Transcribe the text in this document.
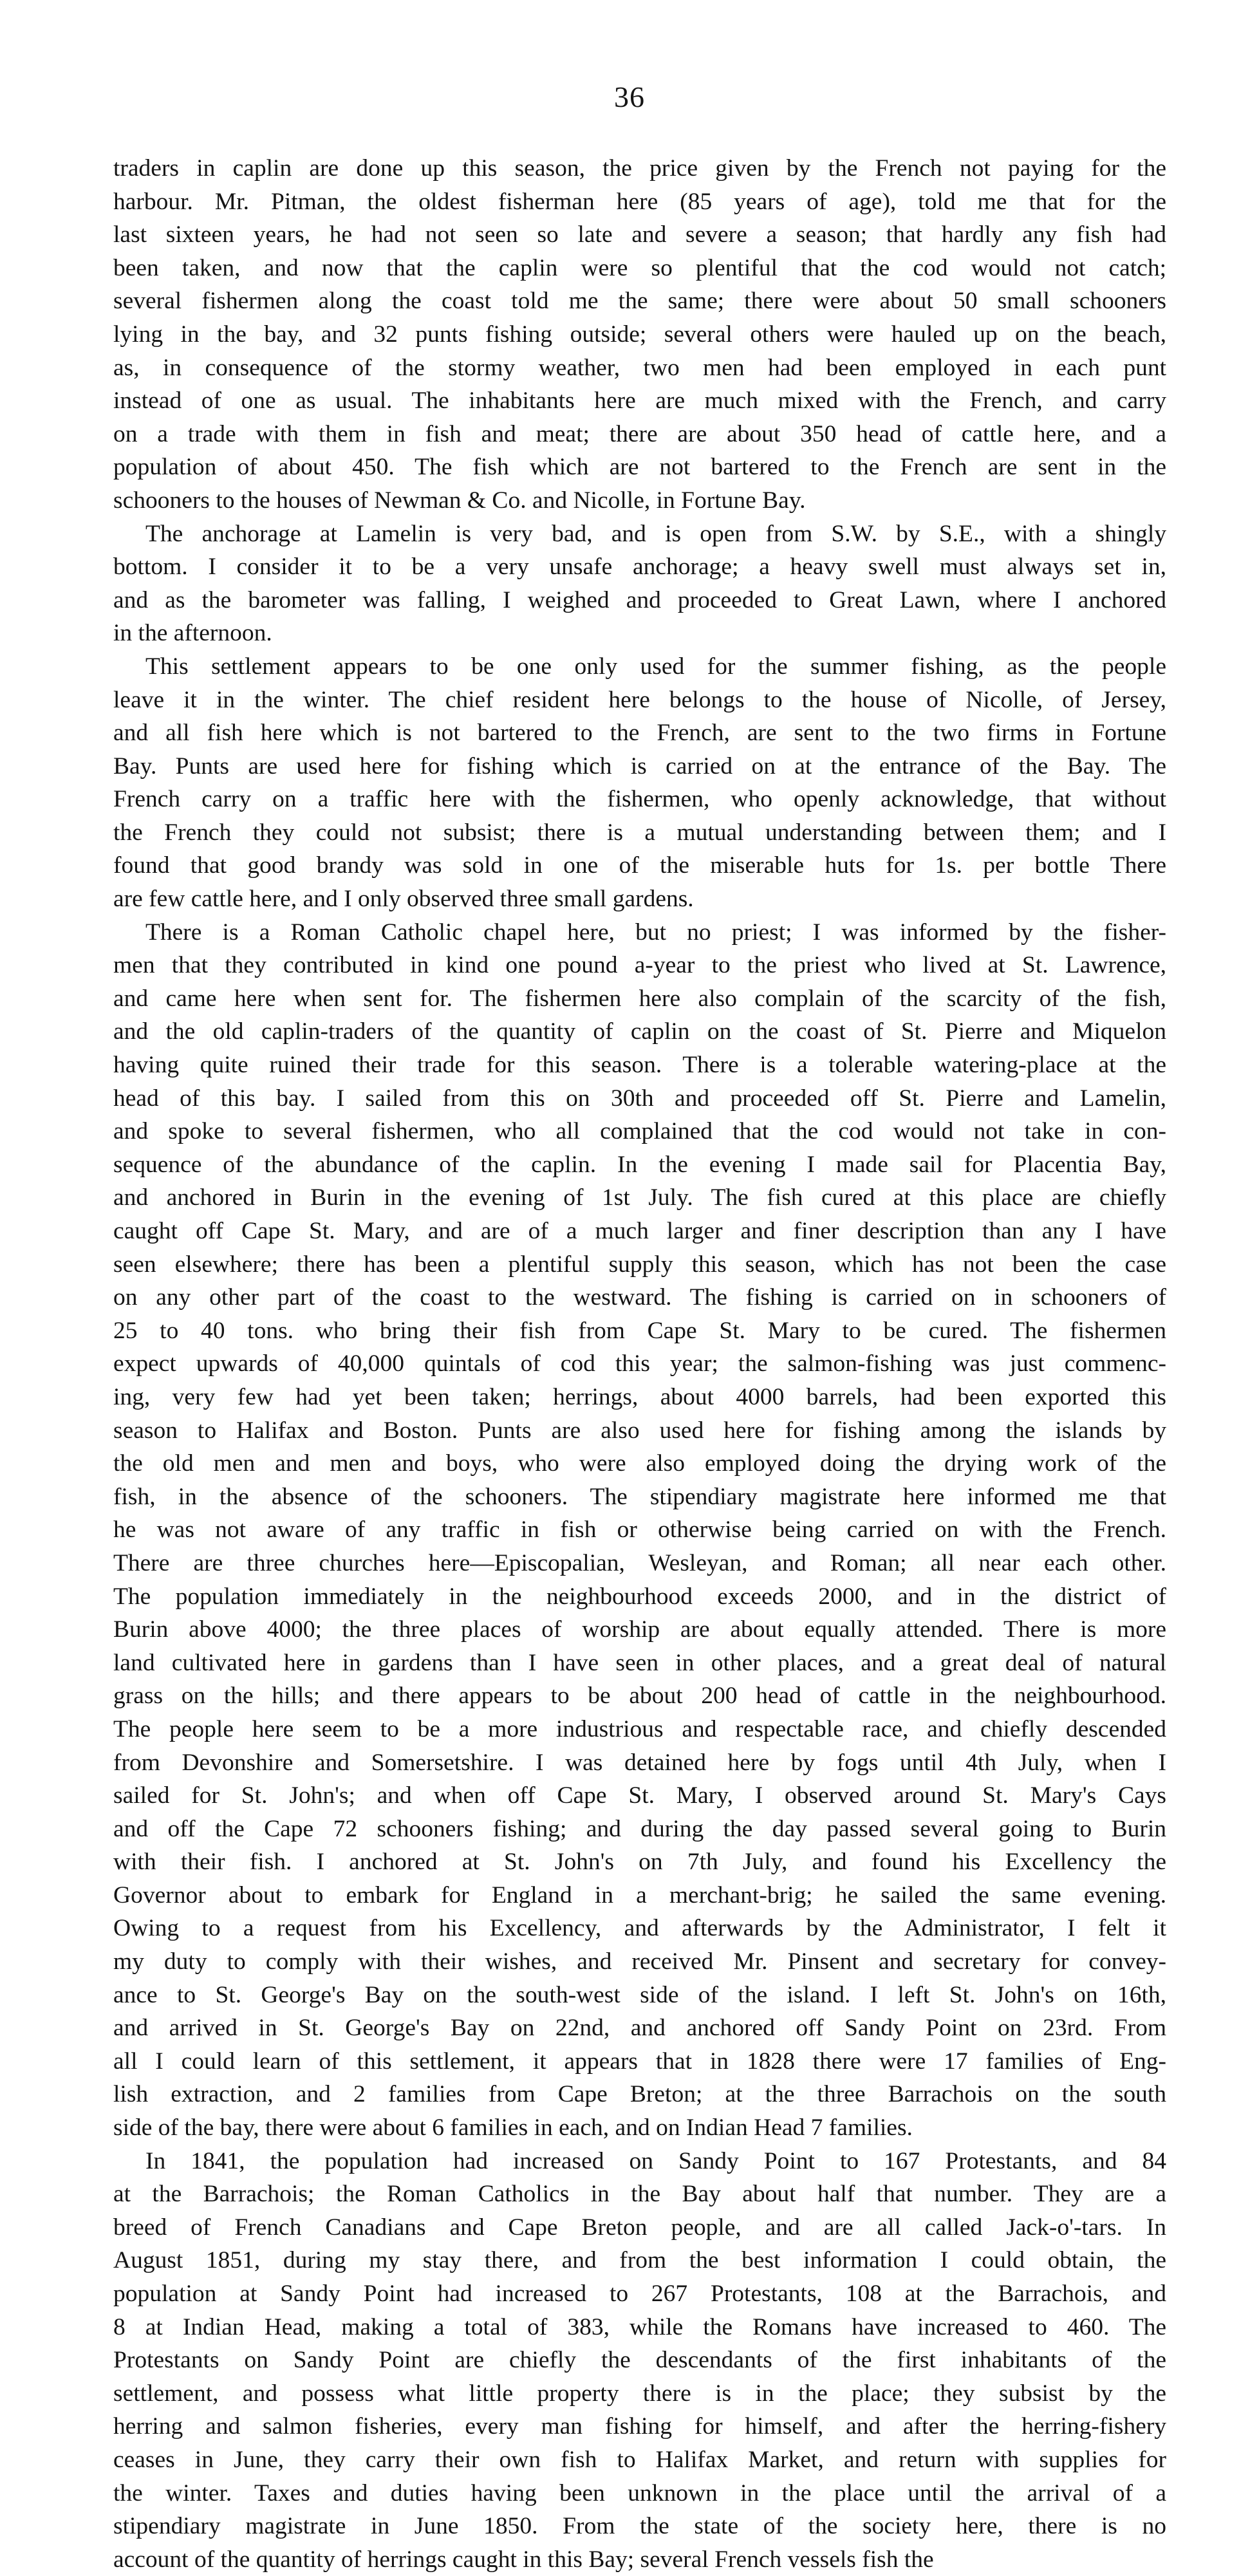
36

traders in caplin are done up this season, the price given by the French not paying for the
harbour. Mr. Pitman, the oldest fisherman here (85 years of age), told me that for the
last sixteen years, he had not seen so late and severe a season; that hardly any fish had
been taken, and now that the caplin were so plentiful that the cod would not catch;
several fishermen along the coast told me the same; there were about 50 small schooners
lying in the bay, and 32 punts fishing outside; several others were hauled up on the beach,
as, in consequence of the stormy weather, two men had been employed in each punt
instead of one as usual. The inhabitants here are much mixed with the French, and carry
on a trade with them in fish and meat; there are about 350 head of cattle here, and a
population of about 450. The fish which are not bartered to the French are sent in the
schooners to the houses of Newman & Co. and Nicolle, in Fortune Bay.

The anchorage at Lamelin is very bad, and is open from S.W. by S.E., with a shingly
bottom. I consider it to be a very unsafe anchorage; a heavy swell must always set in,
and as the barometer was falling, I weighed and proceeded to Great Lawn, where I anchored
in the afternoon.

This settlement appears to be one only used for the summer fishing, as the people
leave it in the winter. The chief resident here belongs to the house of Nicolle, of Jersey,
and all fish here which is not bartered to the French, are sent to the two firms in Fortune
Bay. Punts are used here for fishing which is carried on at the entrance of the Bay. The
French carry on a traffic here with the fishermen, who openly acknowledge, that without
the French they could not subsist; there is a mutual understanding between them; and I
found that good brandy was sold in one of the miserable huts for 1s. per bottle There
are few cattle here, and I only observed three small gardens.

There is a Roman Catholic chapel here, but no priest; I was informed by the fisher-
men that they contributed in kind one pound a-year to the priest who lived at St. Lawrence,
and came here when sent for. The fishermen here also complain of the scarcity of the fish,
and the old caplin-traders of the quantity of caplin on the coast of St. Pierre and Miquelon
having quite ruined their trade for this season. There is a tolerable watering-place at the
head of this bay. I sailed from this on 30th and proceeded off St. Pierre and Lamelin,
and spoke to several fishermen, who all complained that the cod would not take in con-
sequence of the abundance of the caplin. In the evening I made sail for Placentia Bay,
and anchored in Burin in the evening of 1st July. The fish cured at this place are chiefly
caught off Cape St. Mary, and are of a much larger and finer description than any I have
seen elsewhere; there has been a plentiful supply this season, which has not been the case
on any other part of the coast to the westward. The fishing is carried on in schooners of
25 to 40 tons. who bring their fish from Cape St. Mary to be cured. The fishermen
expect upwards of 40,000 quintals of cod this year; the salmon-fishing was just commenc-
ing, very few had yet been taken; herrings, about 4000 barrels, had been exported this
season to Halifax and Boston. Punts are also used here for fishing among the islands by
the old men and men and boys, who were also employed doing the drying work of the
fish, in the absence of the schooners. The stipendiary magistrate here informed me that
he was not aware of any traffic in fish or otherwise being carried on with the French.
There are three churches here—Episcopalian, Wesleyan, and Roman; all near each other.
The population immediately in the neighbourhood exceeds 2000, and in the district of
Burin above 4000; the three places of worship are about equally attended. There is more
land cultivated here in gardens than I have seen in other places, and a great deal of natural
grass on the hills; and there appears to be about 200 head of cattle in the neighbourhood.
The people here seem to be a more industrious and respectable race, and chiefly descended
from Devonshire and Somersetshire. I was detained here by fogs until 4th July, when I
sailed for St. John's; and when off Cape St. Mary, I observed around St. Mary's Cays
and off the Cape 72 schooners fishing; and during the day passed several going to Burin
with their fish. I anchored at St. John's on 7th July, and found his Excellency the
Governor about to embark for England in a merchant-brig; he sailed the same evening.
Owing to a request from his Excellency, and afterwards by the Administrator, I felt it
my duty to comply with their wishes, and received Mr. Pinsent and secretary for convey-
ance to St. George's Bay on the south-west side of the island. I left St. John's on 16th,
and arrived in St. George's Bay on 22nd, and anchored off Sandy Point on 23rd. From
all I could learn of this settlement, it appears that in 1828 there were 17 families of Eng-
lish extraction, and 2 families from Cape Breton; at the three Barrachois on the south
side of the bay, there were about 6 families in each, and on Indian Head 7 families.

In 1841, the population had increased on Sandy Point to 167 Protestants, and 84
at the Barrachois; the Roman Catholics in the Bay about half that number. They are a
breed of French Canadians and Cape Breton people, and are all called Jack-o'-tars. In
August 1851, during my stay there, and from the best information I could obtain, the
population at Sandy Point had increased to 267 Protestants, 108 at the Barrachois, and
8 at Indian Head, making a total of 383, while the Romans have increased to 460. The
Protestants on Sandy Point are chiefly the descendants of the first inhabitants of the
settlement, and possess what little property there is in the place; they subsist by the
herring and salmon fisheries, every man fishing for himself, and after the herring-fishery
ceases in June, they carry their own fish to Halifax Market, and return with supplies for
the winter. Taxes and duties having been unknown in the place until the arrival of a
stipendiary magistrate in June 1850. From the state of the society here, there is no
account of the quantity of herrings caught in this Bay; several French vessels fish the
